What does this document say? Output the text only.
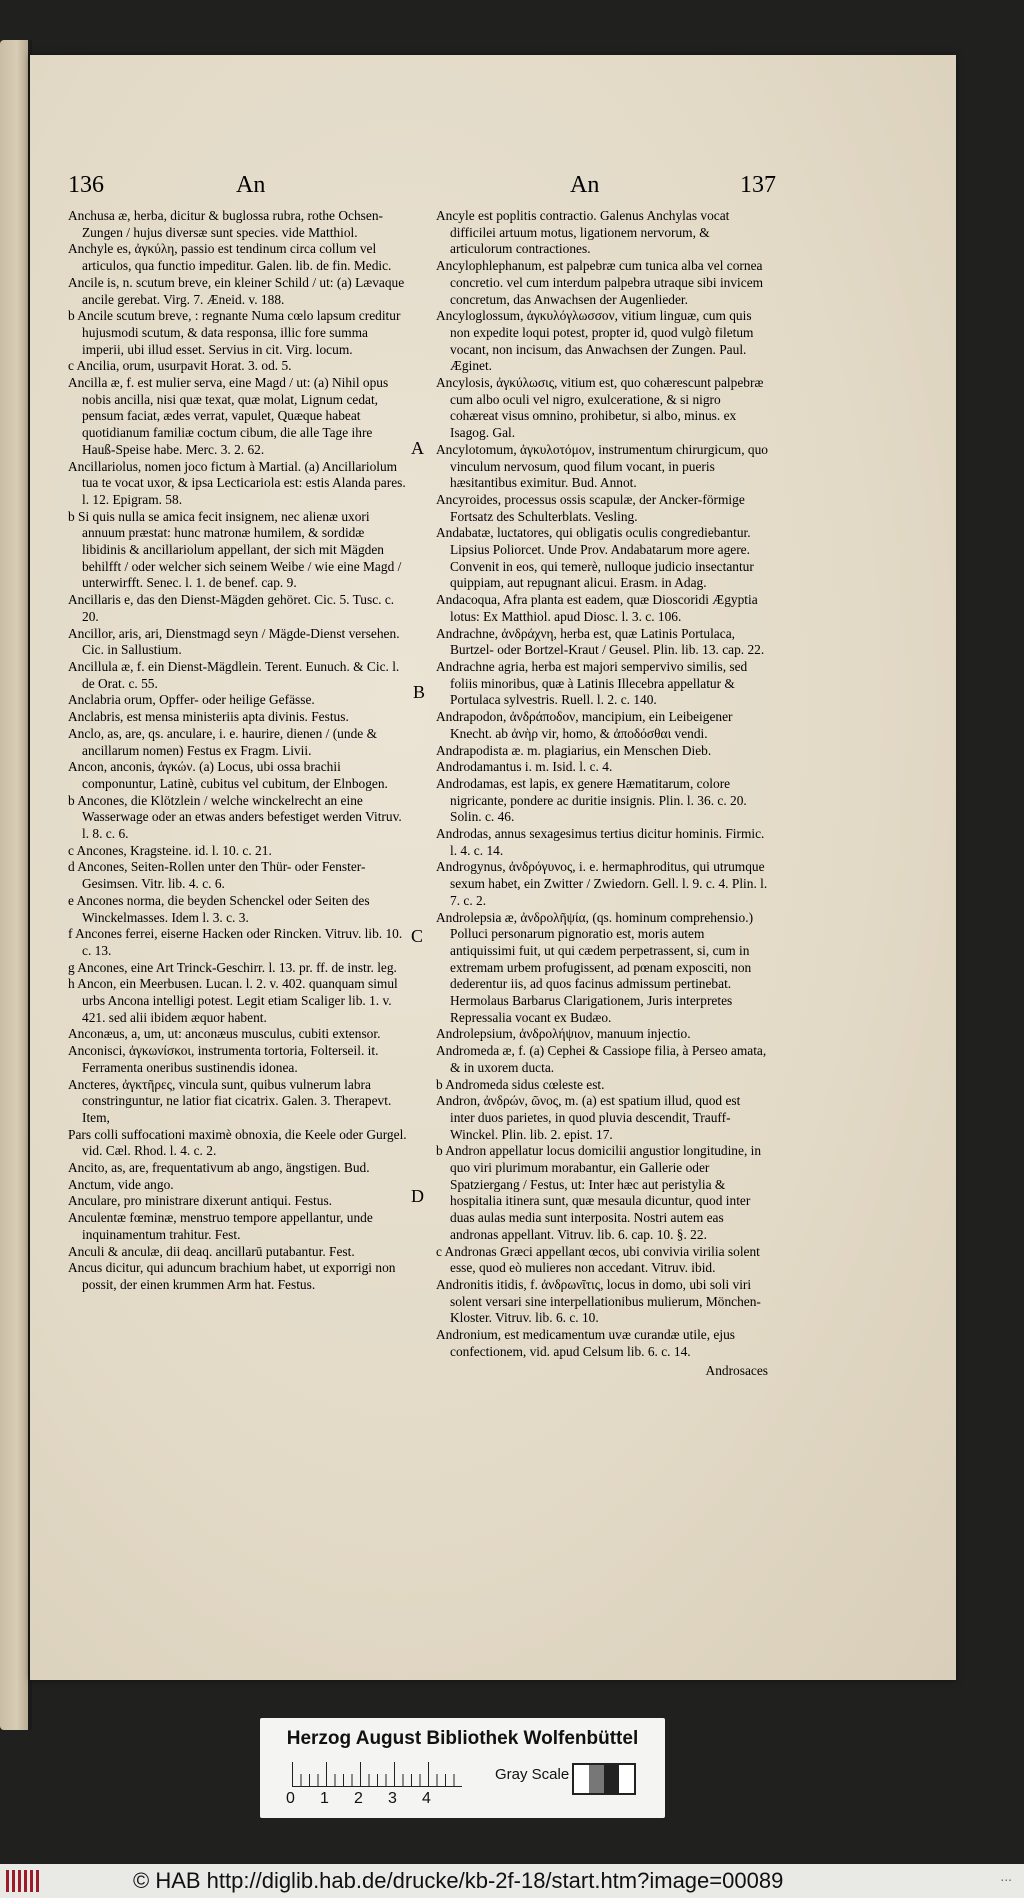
136	An	An	137
Anchusa æ, herba, dicitur & buglossa rubra, rothe Ochsen-Zungen / hujus diversæ sunt species. vide Matthiol.
Anchyle es, ἀγκύλη, passio est tendinum circa collum vel articulos, qua functio impeditur. Galen. lib. de fin. Medic.
Ancile is, n. scutum breve, ein kleiner Schild / ut: (a) Lævaque ancile gerebat. Virg. 7. Æneid. v. 188.
b Ancile scutum breve, : regnante Numa cœlo lapsum creditur hujusmodi scutum, & data responsa, illic fore summa imperii, ubi illud esset. Servius in cit. Virg. locum.
c Ancilia, orum, usurpavit Horat. 3. od. 5.
Ancilla æ, f. est mulier serva, eine Magd / ut: (a) Nihil opus nobis ancilla, nisi quæ texat, quæ molat, Lignum cedat, pensum faciat, ædes verrat, vapulet, Quæque habeat quotidianum familiæ coctum cibum, die alle Tage ihre Hauß-Speise habe. Merc. 3. 2. 62.
Ancillariolus, nomen joco fictum à Martial. (a) Ancillariolum tua te vocat uxor, & ipsa Lecticariola est: estis Alanda pares. l. 12. Epigram. 58.
b Si quis nulla se amica fecit insignem, nec alienæ uxori annuum præstat: hunc matronæ humilem, & sordidæ libidinis & ancillariolum appellant, der sich mit Mägden behilfft / oder welcher sich seinem Weibe / wie eine Magd / unterwirfft. Senec. l. 1. de benef. cap. 9.
Ancillaris e, das den Dienst-Mägden gehöret. Cic. 5. Tusc. c. 20.
Ancillor, aris, ari, Dienstmagd seyn / Mägde-Dienst versehen. Cic. in Sallustium.
Ancillula æ, f. ein Dienst-Mägdlein. Terent. Eunuch. & Cic. l. de Orat. c. 55.
Anclabria orum, Opffer- oder heilige Gefässe.
Anclabris, est mensa ministeriis apta divinis. Festus.
Anclo, as, are, qs. anculare, i. e. haurire, dienen / (unde & ancillarum nomen) Festus ex Fragm. Livii.
Ancon, anconis, ἀγκών. (a) Locus, ubi ossa brachii componuntur, Latinè, cubitus vel cubitum, der Elnbogen.
b Ancones, die Klötzlein / welche winckelrecht an eine Wasserwage oder an etwas anders befestiget werden Vitruv. l. 8. c. 6.
c Ancones, Kragsteine. id. l. 10. c. 21.
d Ancones, Seiten-Rollen unter den Thür- oder Fenster-Gesimsen. Vitr. lib. 4. c. 6.
e Ancones norma, die beyden Schenckel oder Seiten des Winckelmasses. Idem l. 3. c. 3.
f Ancones ferrei, eiserne Hacken oder Rincken. Vitruv. lib. 10. c. 13.
g Ancones, eine Art Trinck-Geschirr. l. 13. pr. ff. de instr. leg.
h Ancon, ein Meerbusen. Lucan. l. 2. v. 402. quanquam simul urbs Ancona intelligi potest. Legit etiam Scaliger lib. 1. v. 421. sed alii ibidem æquor habent.
Anconæus, a, um, ut: anconæus musculus, cubiti extensor.
Anconisci, ἀγκωνίσκοι, instrumenta tortoria, Folterseil. it. Ferramenta oneribus sustinendis idonea.
Ancteres, ἀγκτῆρες, vincula sunt, quibus vulnerum labra constringuntur, ne latior fiat cicatrix. Galen. 3. Therapevt. Item,
Pars colli suffocationi maximè obnoxia, die Keele oder Gurgel. vid. Cæl. Rhod. l. 4. c. 2.
Ancito, as, are, frequentativum ab ango, ängstigen. Bud.
Anctum, vide ango.
Anculare, pro ministrare dixerunt antiqui. Festus.
Anculentæ fœminæ, menstruo tempore appellantur, unde inquinamentum trahitur. Fest.
Anculi & anculæ, dii deaq. ancillarū putabantur. Fest.
Ancus dicitur, qui aduncum brachium habet, ut exporrigi non possit, der einen krummen Arm hat. Festus.
Ancyle est poplitis contractio. Galenus Anchylas vocat difficilei artuum motus, ligationem nervorum, & articulorum contractiones.
Ancylophlephanum, est palpebræ cum tunica alba vel cornea concretio. vel cum interdum palpebra utraque sibi invicem concretum, das Anwachsen der Augenlieder.
Ancyloglossum, ἀγκυλόγλωσσον, vitium linguæ, cum quis non expedite loqui potest, propter id, quod vulgò filetum vocant, non incisum, das Anwachsen der Zungen. Paul. Æginet.
Ancylosis, ἀγκύλωσις, vitium est, quo cohærescunt palpebræ cum albo oculi vel nigro, exulceratione, & si nigro cohæreat visus omnino, prohibetur, si albo, minus. ex Isagog. Gal.
Ancylotomum, ἀγκυλοτόμον, instrumentum chirurgicum, quo vinculum nervosum, quod filum vocant, in pueris hæsitantibus eximitur. Bud. Annot.
Ancyroides, processus ossis scapulæ, der Ancker-förmige Fortsatz des Schulterblats. Vesling.
Andabatæ, luctatores, qui obligatis oculis congrediebantur. Lipsius Poliorcet. Unde Prov. Andabatarum more agere. Convenit in eos, qui temerè, nulloque judicio insectantur quippiam, aut repugnant alicui. Erasm. in Adag.
Andacoqua, Afra planta est eadem, quæ Dioscoridi Ægyptia lotus: Ex Matthiol. apud Diosc. l. 3. c. 106.
Andrachne, ἀνδράχνη, herba est, quæ Latinis Portulaca, Burtzel- oder Bortzel-Kraut / Geusel. Plin. lib. 13. cap. 22.
Andrachne agria, herba est majori sempervivo similis, sed foliis minoribus, quæ à Latinis Illecebra appellatur & Portulaca sylvestris. Ruell. l. 2. c. 140.
Andrapodon, ἀνδράποδον, mancipium, ein Leibeigener Knecht. ab ἀνὴρ vir, homo, & ἀποδόσθαι vendi.
Andrapodista æ. m. plagiarius, ein Menschen Dieb.
Androdamantus i. m. Isid. l. c. 4.
Androdamas, est lapis, ex genere Hæmatitarum, colore nigricante, pondere ac duritie insignis. Plin. l. 36. c. 20. Solin. c. 46.
Androdas, annus sexagesimus tertius dicitur hominis. Firmic. l. 4. c. 14.
Androgynus, ἀνδρόγυνος, i. e. hermaphroditus, qui utrumque sexum habet, ein Zwitter / Zwiedorn. Gell. l. 9. c. 4. Plin. l. 7. c. 2.
Androlepsia æ, ἀνδρολῆψία, (qs. hominum comprehensio.) Polluci personarum pignoratio est, moris autem antiquissimi fuit, ut qui cædem perpetrassent, si, cum in extremam urbem profugissent, ad pœnam exposciti, non dederentur iis, ad quos facinus admissum pertinebat. Hermolaus Barbarus Clarigationem, Juris interpretes Repressalia vocant ex Budæo.
Androlepsium, ἀνδρολήψιον, manuum injectio.
Andromeda æ, f. (a) Cephei & Cassiope filia, à Perseo amata, & in uxorem ducta.
b Andromeda sidus cœleste est.
Andron, ἀνδρών, ῶνος, m. (a) est spatium illud, quod est inter duos parietes, in quod pluvia descendit, Trauff-Winckel. Plin. lib. 2. epist. 17.
b Andron appellatur locus domicilii angustior longitudine, in quo viri plurimum morabantur, ein Gallerie oder Spatziergang / Festus, ut: Inter hæc aut peristylia & hospitalia itinera sunt, quæ mesaula dicuntur, quod inter duas aulas media sunt interposita. Nostri autem eas andronas appellant. Vitruv. lib. 6. cap. 10. §. 22.
c Andronas Græci appellant œcos, ubi convivia virilia solent esse, quod eò mulieres non accedant. Vitruv. ibid.
Andronitis itidis, f. ἀνδρωνῖτις, locus in domo, ubi soli viri solent versari sine interpellationibus mulierum, Mönchen-Kloster. Vitruv. lib. 6. c. 10.
Andronium, est medicamentum uvæ curandæ utile, ejus confectionem, vid. apud Celsum lib. 6. c. 14.
Androsaces
A
B
C
D
Herzog August Bibliothek Wolfenbüttel
0 1 2 3 4
Gray Scale
© HAB http://diglib.hab.de/drucke/kb-2f-18/start.htm?image=00089	...
